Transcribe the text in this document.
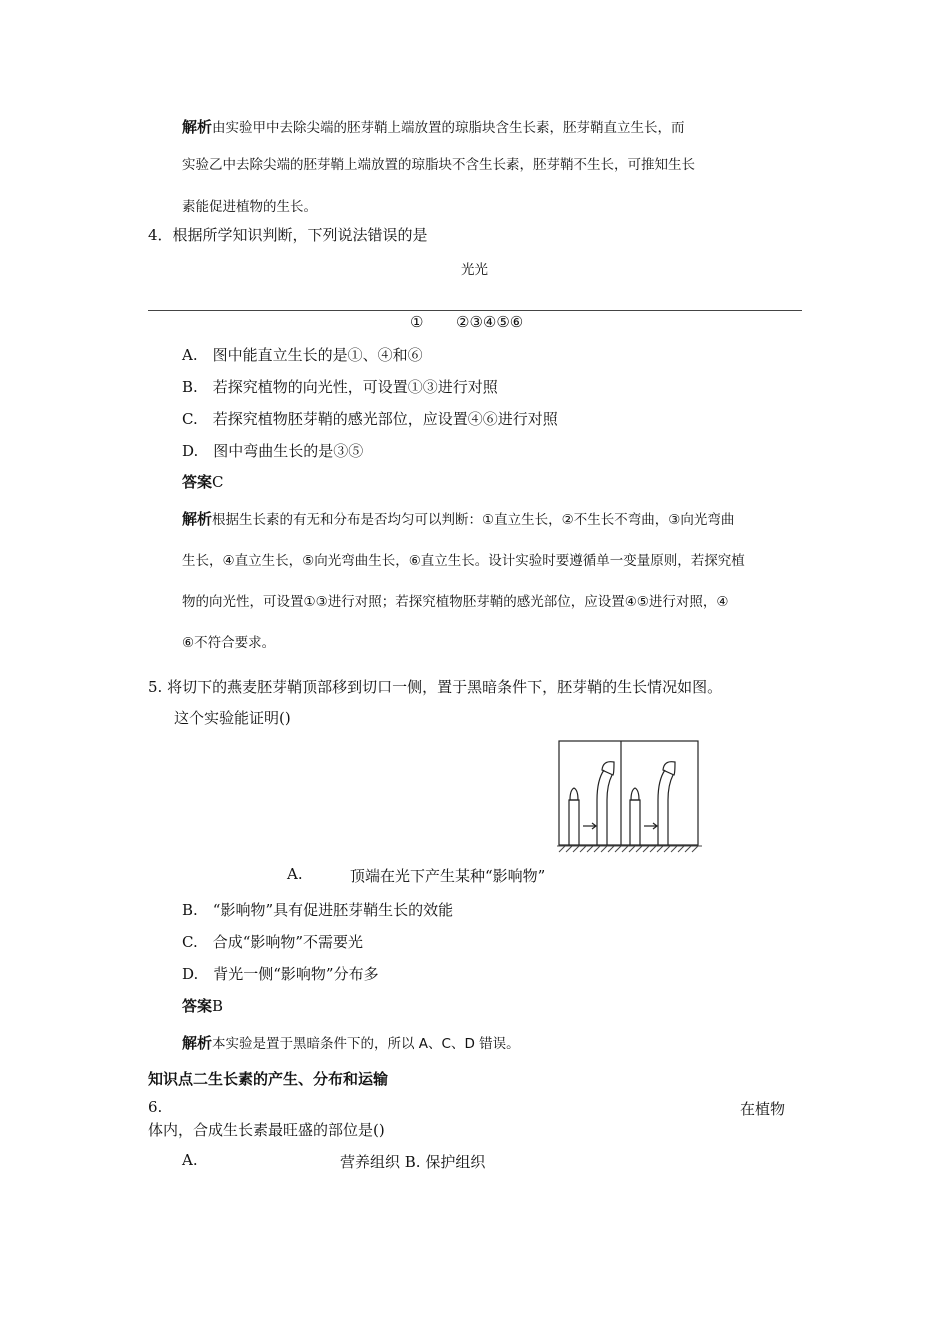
解析由实验甲中去除尖端的胚芽鞘上端放置的琼脂块含生长素，胚芽鞘直立生长，而
实验乙中去除尖端的胚芽鞘上端放置的琼脂块不含生长素，胚芽鞘不生长，可推知生长
素能促进植物的生长。
4．根据所学知识判断，下列说法错误的是
光光
① ②③④⑤⑥
A.　图中能直立生长的是①、④和⑥
B.　若探究植物的向光性，可设置①③进行对照
C.　若探究植物胚芽鞘的感光部位，应设置④⑥进行对照
D.　图中弯曲生长的是③⑤
答案C
解析根据生长素的有无和分布是否均匀可以判断：①直立生长，②不生长不弯曲，③向光弯曲
生长，④直立生长，⑤向光弯曲生长，⑥直立生长。设计实验时要遵循单一变量原则，若探究植
物的向光性，可设置①③进行对照；若探究植物胚芽鞘的感光部位，应设置④⑤进行对照，④
⑥不符合要求。
5. 将切下的燕麦胚芽鞘顶部移到切口一侧，置于黑暗条件下，胚芽鞘的生长情况如图。
这个实验能证明()
A.	顶端在光下产生某种“影响物”
B.　“影响物”具有促进胚芽鞘生长的效能
C.　合成“影响物”不需要光
D.　背光一侧“影响物”分布多
答案B
解析本实验是置于黑暗条件下的，所以 A、C、D 错误。
知识点二生长素的产生、分布和运输
6.	在植物
体内，合成生长素最旺盛的部位是()
A.	营养组织 B. 保护组织
